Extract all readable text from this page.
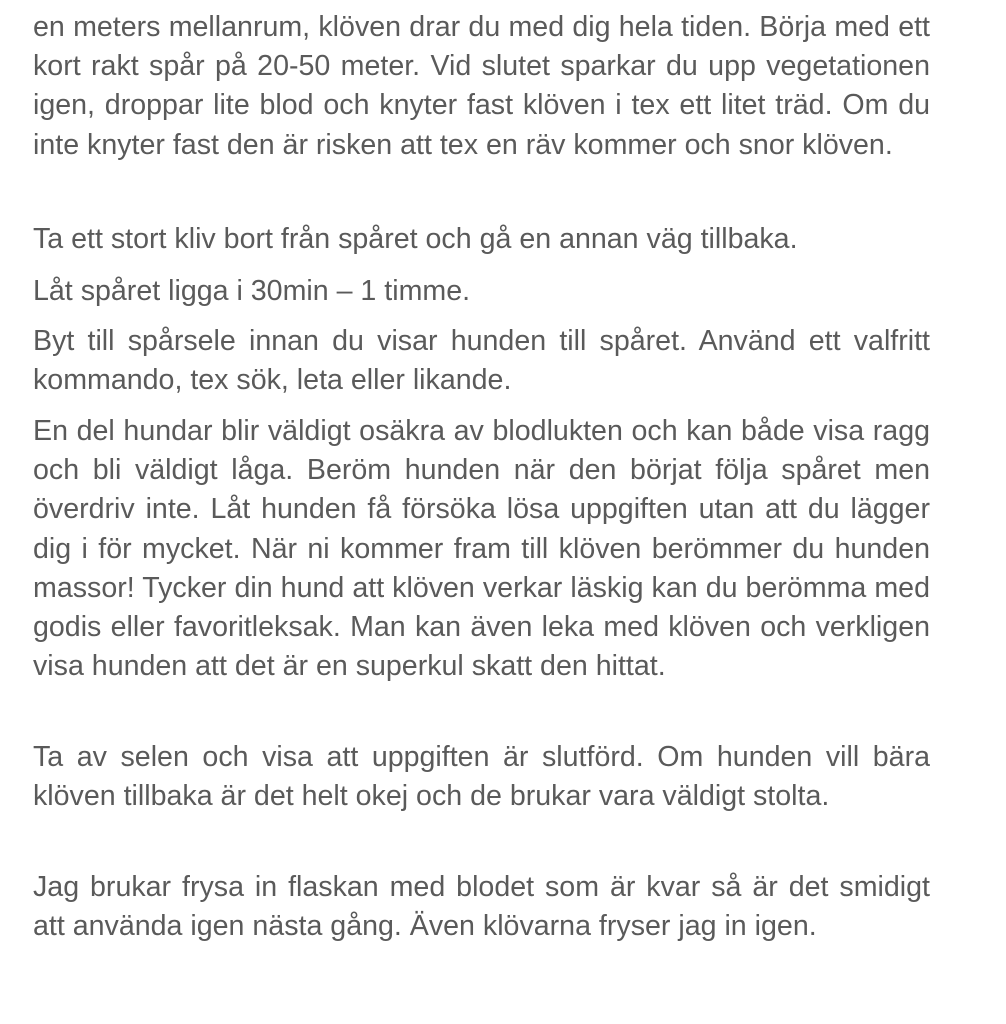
en meters mellanrum, klöven drar du med dig hela tiden. Börja med ett kort rakt spår på 20-50 meter. Vid slutet sparkar du upp vegetationen igen, droppar lite blod och knyter fast klöven i tex ett litet träd. Om du inte knyter fast den är risken att tex en räv kommer och snor klöven.

Ta ett stort kliv bort från spåret och gå en annan väg tillbaka.

Låt spåret ligga i 30min – 1 timme.

Byt till spårsele innan du visar hunden till spåret. Använd ett valfritt kommando, tex sök, leta eller likande.

En del hundar blir väldigt osäkra av blodlukten och kan både visa ragg och bli väldigt låga. Beröm hunden när den börjat följa spåret men överdriv inte. Låt hunden få försöka lösa uppgiften utan att du lägger dig i för mycket. När ni kommer fram till klöven berömmer du hunden massor! Tycker din hund att klöven verkar läskig kan du berömma med godis eller favoritleksak. Man kan även leka med klöven och verkligen visa hunden att det är en superkul skatt den hittat.

Ta av selen och visa att uppgiften är slutförd. Om hunden vill bära klöven tillbaka är det helt okej och de brukar vara väldigt stolta.

Jag brukar frysa in flaskan med blodet som är kvar så är det smidigt att använda igen nästa gång. Även klövarna fryser jag in igen.
